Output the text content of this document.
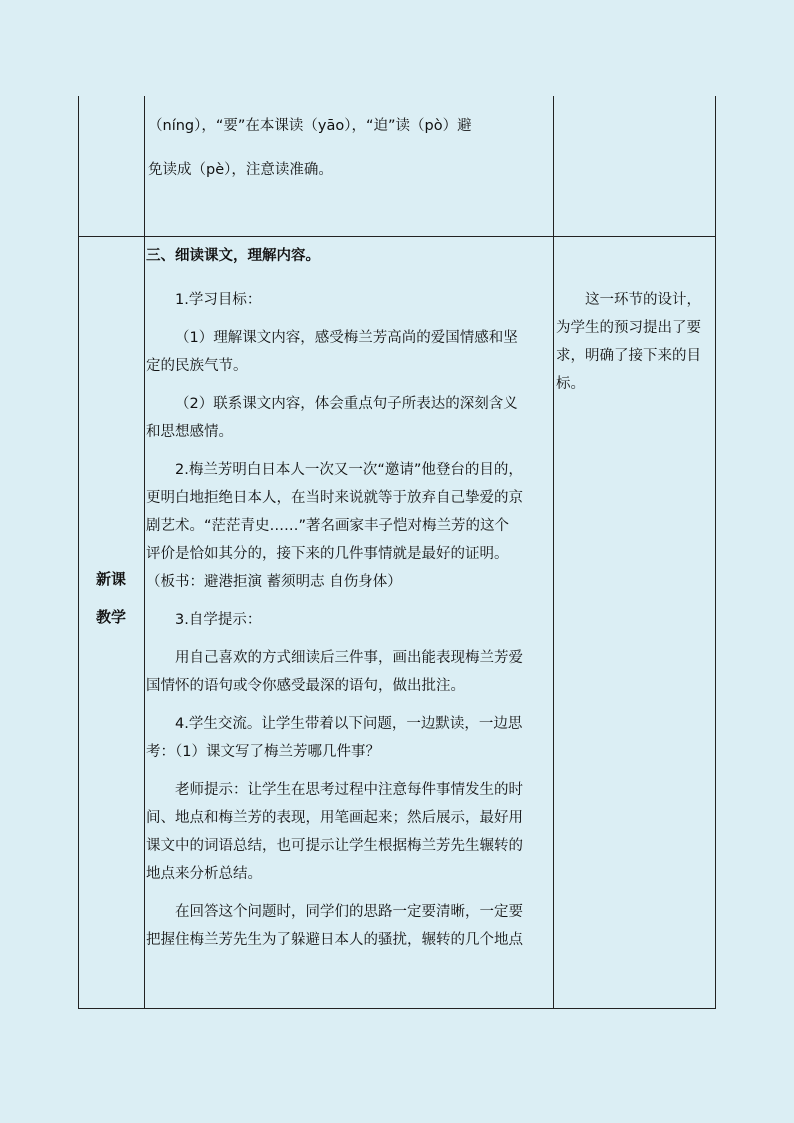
（níng），“要”在本课读（yāo），“迫”读（pò）避
免读成（pè），注意读准确。
新课
教学
三、细读课文，理解内容。
1.学习目标：
（1）理解课文内容，感受梅兰芳高尚的爱国情感和坚
定的民族气节。
（2）联系课文内容，体会重点句子所表达的深刻含义
和思想感情。
2.梅兰芳明白日本人一次又一次“邀请”他登台的目的，
更明白地拒绝日本人，在当时来说就等于放弃自己挚爱的京
剧艺术。“茫茫青史……”著名画家丰子恺对梅兰芳的这个
评价是恰如其分的，接下来的几件事情就是最好的证明。
（板书：避港拒演 蓄须明志 自伤身体）
3.自学提示：
用自己喜欢的方式细读后三件事，画出能表现梅兰芳爱
国情怀的语句或令你感受最深的语句，做出批注。
4.学生交流。让学生带着以下问题，一边默读，一边思
考：（1）课文写了梅兰芳哪几件事？
老师提示：让学生在思考过程中注意每件事情发生的时
间、地点和梅兰芳的表现，用笔画起来；然后展示，最好用
课文中的词语总结，也可提示让学生根据梅兰芳先生辗转的
地点来分析总结。
在回答这个问题时，同学们的思路一定要清晰，一定要
把握住梅兰芳先生为了躲避日本人的骚扰，辗转的几个地点
这一环节的设计，
为学生的预习提出了要
求，明确了接下来的目
标。
